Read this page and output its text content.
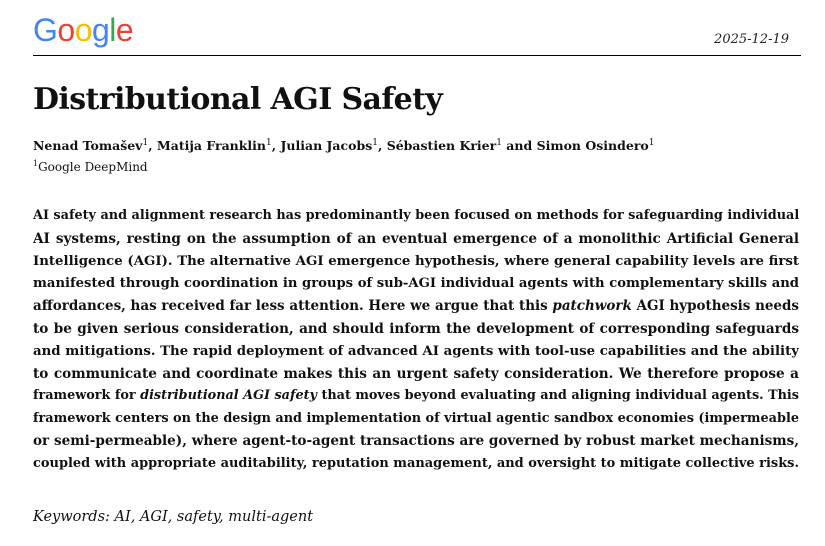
Google	2025-12-19
Distributional AGI Safety
Nenad Tomašev$^1$, Matija Franklin$^1$, Julian Jacobs$^1$, Sébastien Krier$^1$ and Simon Osindero$^1$
$^1$Google DeepMind
AI safety and alignment research has predominantly been focused on methods for safeguarding individual
AI systems, resting on the assumption of an eventual emergence of a monolithic Artificial General
Intelligence (AGI). The alternative AGI emergence hypothesis, where general capability levels are first
manifested through coordination in groups of sub-AGI individual agents with complementary skills and
affordances, has received far less attention. Here we argue that this patchwork AGI hypothesis needs
to be given serious consideration, and should inform the development of corresponding safeguards
and mitigations. The rapid deployment of advanced AI agents with tool-use capabilities and the ability
to communicate and coordinate makes this an urgent safety consideration. We therefore propose a
framework for distributional AGI safety that moves beyond evaluating and aligning individual agents. This
framework centers on the design and implementation of virtual agentic sandbox economies (impermeable
or semi-permeable), where agent-to-agent transactions are governed by robust market mechanisms,
coupled with appropriate auditability, reputation management, and oversight to mitigate collective risks.
Keywords: AI, AGI, safety, multi-agent
